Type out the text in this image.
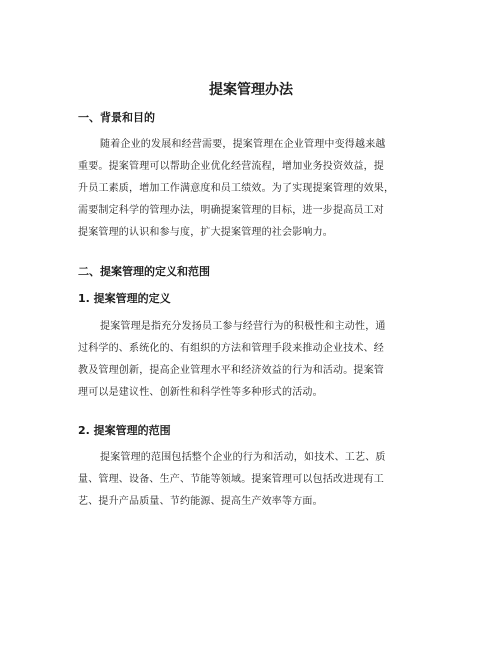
提案管理办法
一、背景和目的

随着企业的发展和经营需要，提案管理在企业管理中变得越来越

重要。提案管理可以帮助企业优化经营流程，增加业务投资效益，提

升员工素质，增加工作满意度和员工绩效。为了实现提案管理的效果，

需要制定科学的管理办法，明确提案管理的目标，进一步提高员工对

提案管理的认识和参与度，扩大提案管理的社会影响力。

二、提案管理的定义和范围
1. 提案管理的定义

提案管理是指充分发扬员工参与经营行为的积极性和主动性，通

过科学的、系统化的、有组织的方法和管理手段来推动企业技术、经

教及管理创新，提高企业管理水平和经济效益的行为和活动。提案管

理可以是建议性、创新性和科学性等多种形式的活动。

2. 提案管理的范围

提案管理的范围包括整个企业的行为和活动，如技术、工艺、质

量、管理、设备、生产、节能等领域。提案管理可以包括改进现有工

艺、提升产品质量、节约能源、提高生产效率等方面。
